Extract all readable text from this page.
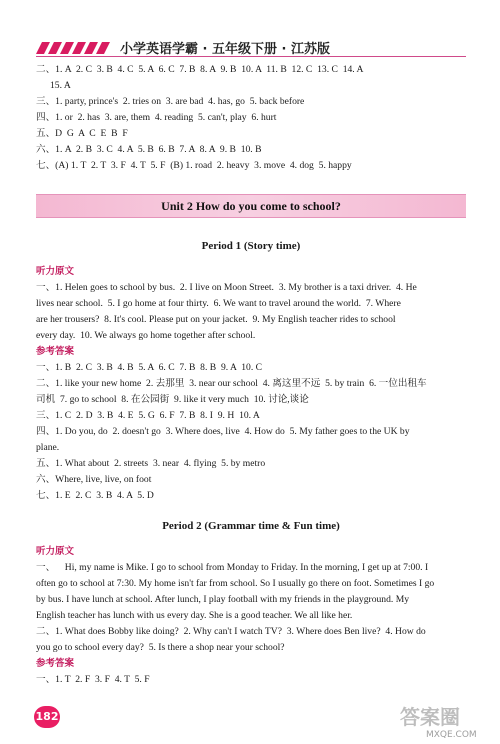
小学英语学霸 · 五年级下册 · 江苏版
二、1. A  2. C  3. B  4. C  5. A  6. C  7. B  8. A  9. B  10. A  11. B  12. C  13. C  14. A
15. A
三、1. party, prince's  2. tries on  3. are bad  4. has, go  5. back before
四、1. or  2. has  3. are, them  4. reading  5. can't, play  6. hurt
五、D  G  A  C  E  B  F
六、1. A  2. B  3. C  4. A  5. B  6. B  7. A  8. A  9. B  10. B
七、(A) 1. T  2. T  3. F  4. T  5. F  (B) 1. road  2. heavy  3. move  4. dog  5. happy
Unit 2 How do you come to school?
Period 1 (Story time)
听力原文
一、1. Helen goes to school by bus.  2. I live on Moon Street.  3. My brother is a taxi driver.  4. He
lives near school.  5. I go home at four thirty.  6. We want to travel around the world.  7. Where
are her trousers?  8. It's cool. Please put on your jacket.  9. My English teacher rides to school
every day.  10. We always go home together after school.
参考答案
一、1. B  2. C  3. B  4. B  5. A  6. C  7. B  8. B  9. A  10. C
二、1. like your new home  2. 去那里  3. near our school  4. 离这里不远  5. by train  6. 一位出租车
司机  7. go to school  8. 在公园街  9. like it very much  10. 讨论,谈论
三、1. C  2. D  3. B  4. E  5. G  6. F  7. B  8. I  9. H  10. A
四、1. Do you, do  2. doesn't go  3. Where does, live  4. How do  5. My father goes to the UK by
plane.
五、1. What about  2. streets  3. near  4. flying  5. by metro
六、Where, live, live, on foot
七、1. E  2. C  3. B  4. A  5. D
Period 2 (Grammar time & Fun time)
听力原文
一、    Hi, my name is Mike. I go to school from Monday to Friday. In the morning, I get up at 7:00. I
often go to school at 7:30. My home isn't far from school. So I usually go there on foot. Sometimes I go
by bus. I have lunch at school. After lunch, I play football with my friends in the playground. My
English teacher has lunch with us every day. She is a good teacher. We all like her.
二、1. What does Bobby like doing?  2. Why can't I watch TV?  3. Where does Ben live?  4. How do
you go to school every day?  5. Is there a shop near your school?
参考答案
一、1. T  2. F  3. F  4. T  5. F
182	答案圈
MXQE.COM
